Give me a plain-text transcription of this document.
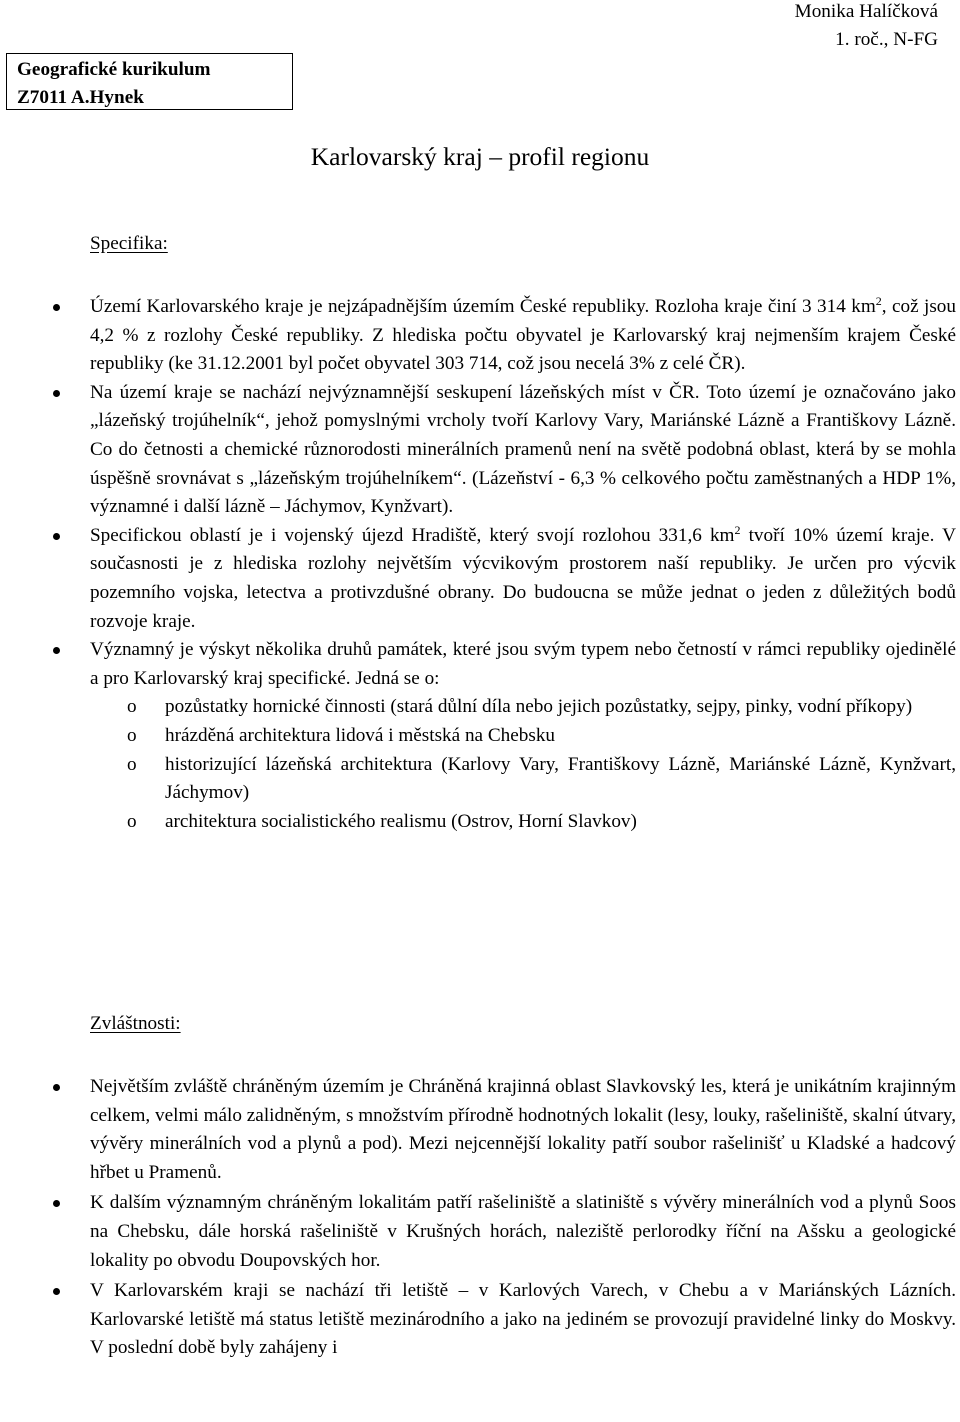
Geografické kurikulum
Z7011 A.Hynek
Monika Halíčková
1. roč., N-FG
Karlovarský kraj – profil regionu
Specifika:
Území Karlovarského kraje je nejzápadnějším územím České republiky. Rozloha kraje činí 3 314 $km^2$, což jsou 4,2 % z rozlohy České republiky. Z hlediska počtu obyvatel je Karlovarský kraj nejmenším krajem České republiky (ke 31.12.2001 byl počet obyvatel 303 714, což jsou necelá 3% z celé ČR).
Na území kraje se nachází nejvýznamnější seskupení lázeňských míst v ČR. Toto území je označováno jako „lázeňský trojúhelník“, jehož pomyslnými vrcholy tvoří Karlovy Vary, Mariánské Lázně a Františkovy Lázně. Co do četnosti a chemické různorodosti minerálních pramenů není na světě podobná oblast, která by se mohla úspěšně srovnávat s „lázeňským trojúhelníkem“. (Lázeňství - 6,3 % celkového počtu zaměstnaných a HDP 1%, významné i další lázně – Jáchymov, Kynžvart).
Specifickou oblastí je i vojenský újezd Hradiště, který svojí rozlohou 331,6 $km^2$ tvoří 10% území kraje. V současnosti je z hlediska rozlohy největším výcvikovým prostorem naší republiky. Je určen pro výcvik pozemního vojska, letectva a protivzdušné obrany. Do budoucna se může jednat o jeden z důležitých bodů rozvoje kraje.
Významný je výskyt několika druhů památek, které jsou svým typem nebo četností v rámci republiky ojedinělé a pro Karlovarský kraj specifické. Jedná se o:
o pozůstatky hornické činnosti (stará důlní díla nebo jejich pozůstatky, sejpy, pinky, vodní příkopy)
o hrázděná architektura lidová i městská na Chebsku
o historizující lázeňská architektura (Karlovy Vary, Františkovy Lázně, Mariánské Lázně, Kynžvart, Jáchymov)
o architektura socialistického realismu (Ostrov, Horní Slavkov)
Zvláštnosti:
Největším zvláště chráněným územím je Chráněná krajinná oblast Slavkovský les, která je unikátním krajinným celkem, velmi málo zalidněným, s množstvím přírodně hodnotných lokalit (lesy, louky, rašeliniště, skalní útvary, vývěry minerálních vod a plynů a pod). Mezi nejcennější lokality patří soubor rašelinišť u Kladské a hadcový hřbet u Pramenů.
K dalším významným chráněným lokalitám patří rašeliniště a slatiniště s vývěry minerálních vod a plynů Soos na Chebsku, dále horská rašeliniště v Krušných horách, naleziště perlorodky říční na Ašsku a geologické lokality po obvodu Doupovských hor.
V Karlovarském kraji se nachází tři letiště – v Karlových Varech, v Chebu a v Mariánských Lázních. Karlovarské letiště má status letiště mezinárodního a jako na jediném se provozují pravidelné linky do Moskvy. V poslední době byly zahájeny i
